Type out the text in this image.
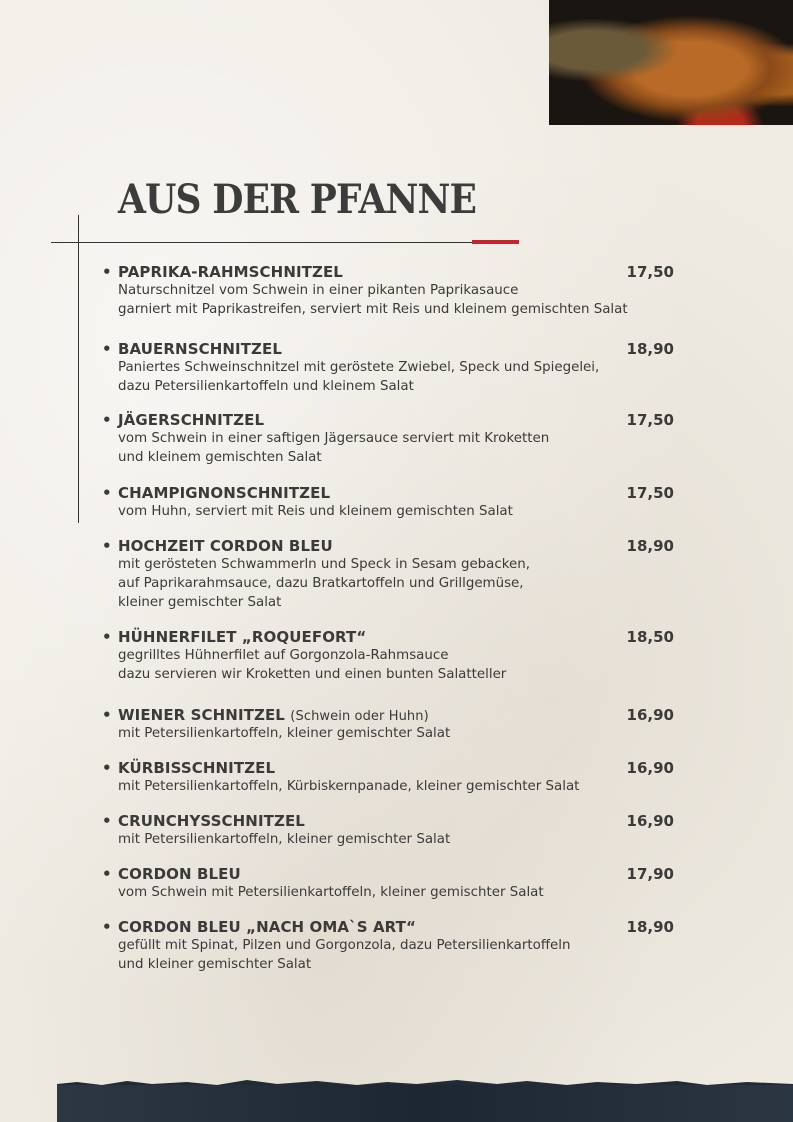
AUS DER PFANNE
• PAPRIKA-RAHMSCHNITZEL	17,50
Naturschnitzel vom Schwein in einer pikanten Paprikasauce
garniert mit Paprikastreifen, serviert mit Reis und kleinem gemischten Salat
• BAUERNSCHNITZEL	18,90
Paniertes Schweinschnitzel mit geröstete Zwiebel, Speck und Spiegelei,
dazu Petersilienkartoffeln und kleinem Salat
• JÄGERSCHNITZEL	17,50
vom Schwein in einer saftigen Jägersauce serviert mit Kroketten
und kleinem gemischten Salat
• CHAMPIGNONSCHNITZEL	17,50
vom Huhn, serviert mit Reis und kleinem gemischten Salat
• HOCHZEIT CORDON BLEU	18,90
mit gerösteten Schwammerln und Speck in Sesam gebacken,
auf Paprikarahmsauce, dazu Bratkartoffeln und Grillgemüse,
kleiner gemischter Salat
• HÜHNERFILET „ROQUEFORT“	18,50
gegrilltes Hühnerfilet auf Gorgonzola-Rahmsauce
dazu servieren wir Kroketten und einen bunten Salatteller
• WIENER SCHNITZEL (Schwein oder Huhn)	16,90
mit Petersilienkartoffeln, kleiner gemischter Salat
• KÜRBISSCHNITZEL	16,90
mit Petersilienkartoffeln, Kürbiskernpanade, kleiner gemischter Salat
• CRUNCHYSSCHNITZEL	16,90
mit Petersilienkartoffeln, kleiner gemischter Salat
• CORDON BLEU	17,90
vom Schwein mit Petersilienkartoffeln, kleiner gemischter Salat
• CORDON BLEU „NACH OMA`S ART“	18,90
gefüllt mit Spinat, Pilzen und Gorgonzola, dazu Petersilienkartoffeln
und kleiner gemischter Salat
